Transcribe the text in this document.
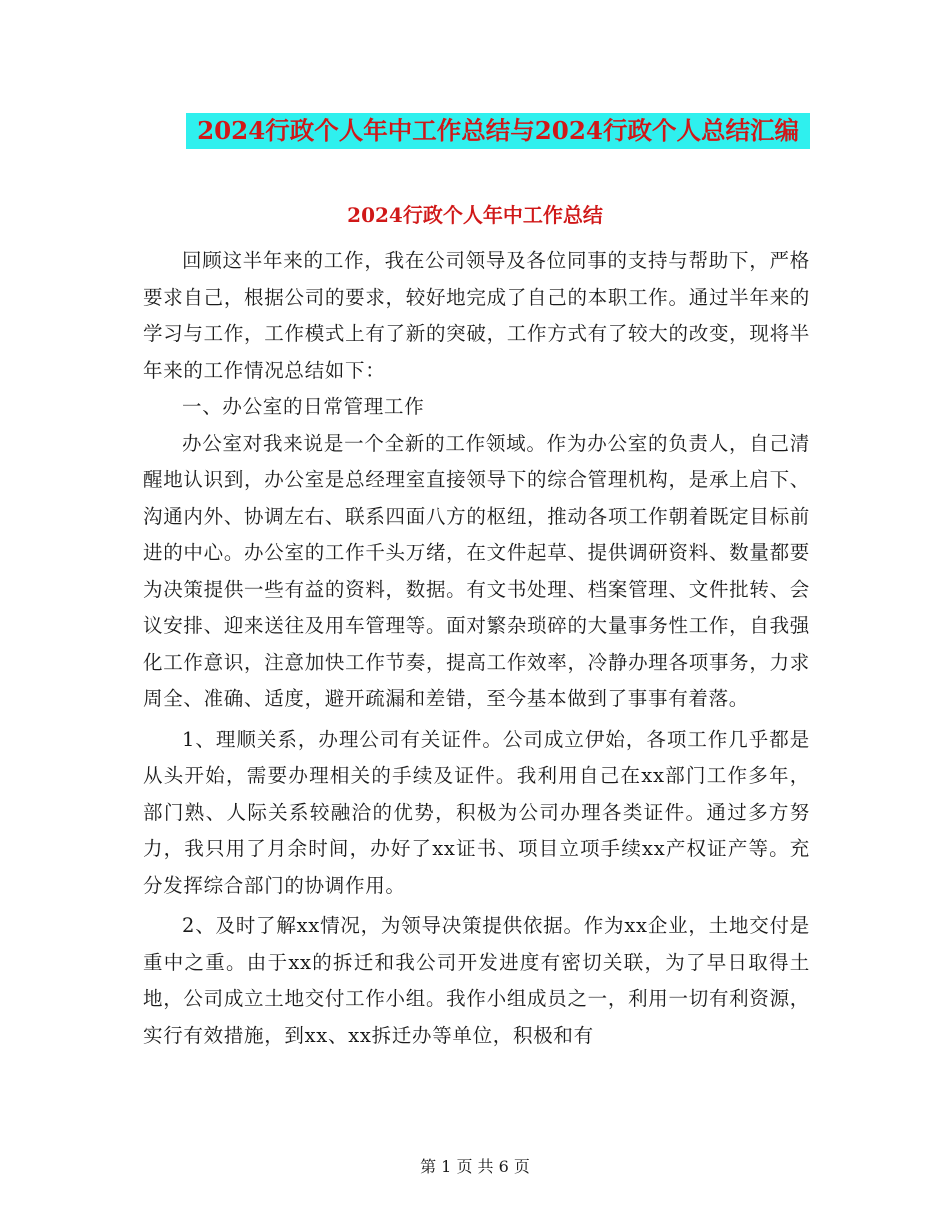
2024行政个人年中工作总结与2024行政个人总结汇编
2024行政个人年中工作总结

回顾这半年来的工作，我在公司领导及各位同事的支持与帮助下，严格要求自己，根据公司的要求，较好地完成了自己的本职工作。通过半年来的学习与工作，工作模式上有了新的突破，工作方式有了较大的改变，现将半年来的工作情况总结如下：

一、办公室的日常管理工作

办公室对我来说是一个全新的工作领域。作为办公室的负责人，自己清醒地认识到，办公室是总经理室直接领导下的综合管理机构，是承上启下、沟通内外、协调左右、联系四面八方的枢纽，推动各项工作朝着既定目标前进的中心。办公室的工作千头万绪，在文件起草、提供调研资料、数量都要为决策提供一些有益的资料，数据。有文书处理、档案管理、文件批转、会议安排、迎来送往及用车管理等。面对繁杂琐碎的大量事务性工作，自我强化工作意识，注意加快工作节奏，提高工作效率，冷静办理各项事务，力求周全、准确、适度，避开疏漏和差错，至今基本做到了事事有着落。

1、理顺关系，办理公司有关证件。公司成立伊始，各项工作几乎都是从头开始，需要办理相关的手续及证件。我利用自己在xx部门工作多年，部门熟、人际关系较融洽的优势，积极为公司办理各类证件。通过多方努力，我只用了月余时间，办好了xx证书、项目立项手续xx产权证产等。充分发挥综合部门的协调作用。

2、及时了解xx情况，为领导决策提供依据。作为xx企业，土地交付是重中之重。由于xx的拆迁和我公司开发进度有密切关联，为了早日取得土地，公司成立土地交付工作小组。我作小组成员之一，利用一切有利资源，实行有效措施，到xx、xx拆迁办等单位，积极和有

第 1 页 共 6 页
